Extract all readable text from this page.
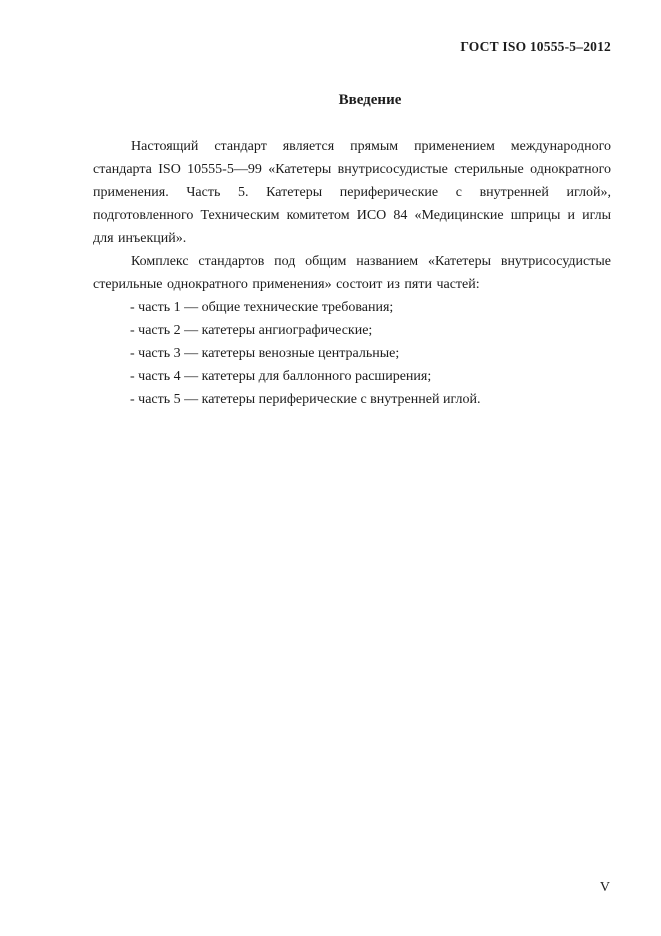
ГОСТ ISO 10555-5–2012
Введение

Настоящий стандарт является прямым применением международного стандарта ISO 10555-5—99 «Катетеры внутрисосудистые стерильные однократного применения. Часть 5. Катетеры периферические с внутренней иглой», подготовленного Техническим комитетом ИСО 84 «Медицинские шприцы и иглы для инъекций».

Комплекс стандартов под общим названием «Катетеры внутрисосудистые стерильные однократного применения» состоит из пяти частей:

- часть 1 — общие технические требования;
- часть 2 — катетеры ангиографические;
- часть 3 — катетеры венозные центральные;
- часть 4 — катетеры для баллонного расширения;
- часть 5 — катетеры периферические с внутренней иглой.
V
